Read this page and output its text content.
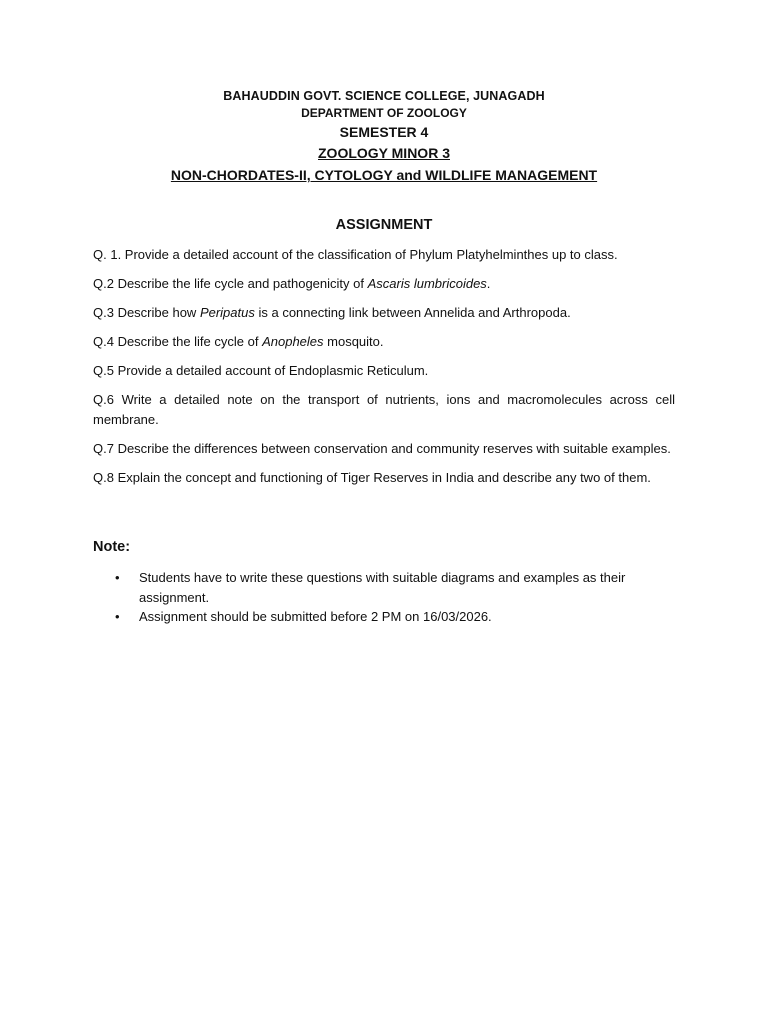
BAHAUDDIN GOVT. SCIENCE COLLEGE, JUNAGADH
DEPARTMENT OF ZOOLOGY
SEMESTER 4
ZOOLOGY MINOR 3
NON-CHORDATES-II, CYTOLOGY and WILDLIFE MANAGEMENT
ASSIGNMENT

Q. 1. Provide a detailed account of the classification of Phylum Platyhelminthes up to class.

Q.2 Describe the life cycle and pathogenicity of Ascaris lumbricoides.

Q.3 Describe how Peripatus is a connecting link between Annelida and Arthropoda.

Q.4 Describe the life cycle of Anopheles mosquito.

Q.5 Provide a detailed account of Endoplasmic Reticulum.

Q.6 Write a detailed note on the transport of nutrients, ions and macromolecules across cell membrane.

Q.7 Describe the differences between conservation and community reserves with suitable examples.

Q.8 Explain the concept and functioning of Tiger Reserves in India and describe any two of them.

Note:
• Students have to write these questions with suitable diagrams and examples as their assignment.
• Assignment should be submitted before 2 PM on 16/03/2026.
